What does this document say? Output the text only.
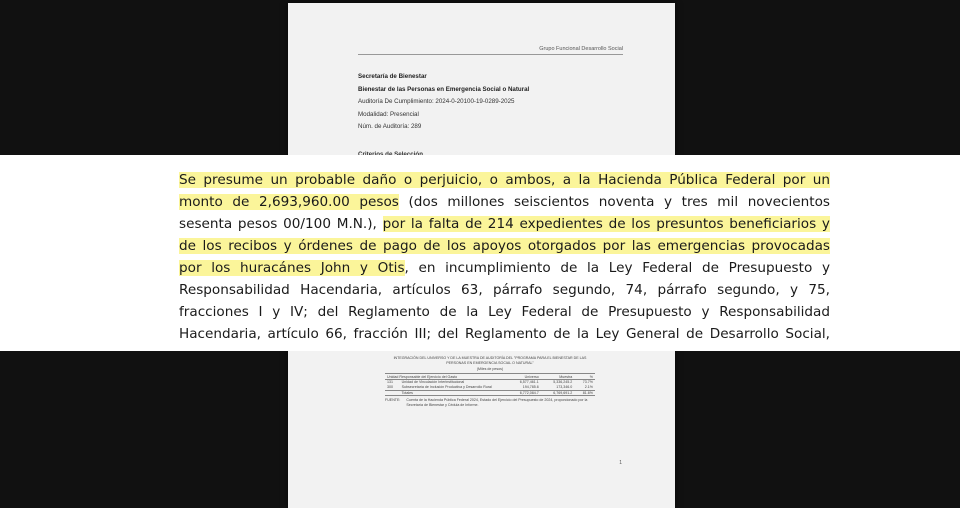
Grupo Funcional Desarrollo Social
Secretaría de Bienestar
Bienestar de las Personas en Emergencia Social o Natural
Auditoría De Cumplimiento: 2024-0-20100-19-0289-2025
Modalidad: Presencial
Núm. de Auditoría: 289
1
INTEGRACIÓN DEL UNIVERSO Y DE LA MUESTRA DE AUDITORÍA DEL "PROGRAMA PARA EL BIENESTAR DE LAS PERSONAS EN EMERGENCIA SOCIAL O NATURAL"
(Miles de pesos)
Unidad Responsable del Ejercicio del Gasto		Universo	Muestra	%
131	Unidad de Vinculación Interinstitucional	6,577,461.1	5,336,245.2	73.7%
300	Subsecretaría de Inclusión Productiva y Desarrollo Rural	194,785.6	173,346.0	2.1%
	Totales	6,772,084.7	6,769,691.2	81.6%
FUENTE: Cuenta de la Hacienda Pública Federal 2024, Estado del Ejercicio del Presupuesto de 2024, proporcionado por la Secretaría de Bienestar y Cédula de Informe.

Se presume un probable daño o perjuicio, o ambos, a la Hacienda Pública Federal por un
monto de 2,693,960.00 pesos (dos millones seiscientos noventa y tres mil novecientos
sesenta pesos 00/100 M.N.), por la falta de 214 expedientes de los presuntos beneficiarios y
de los recibos y órdenes de pago de los apoyos otorgados por las emergencias provocadas
por los huracánes John y Otis, en incumplimiento de la Ley Federal de Presupuesto y
Responsabilidad Hacendaria, artículos 63, párrafo segundo, 74, párrafo segundo, y 75,
fracciones I y IV; del Reglamento de la Ley Federal de Presupuesto y Responsabilidad
Hacendaria, artículo 66, fracción III; del Reglamento de la Ley General de Desarrollo Social,
